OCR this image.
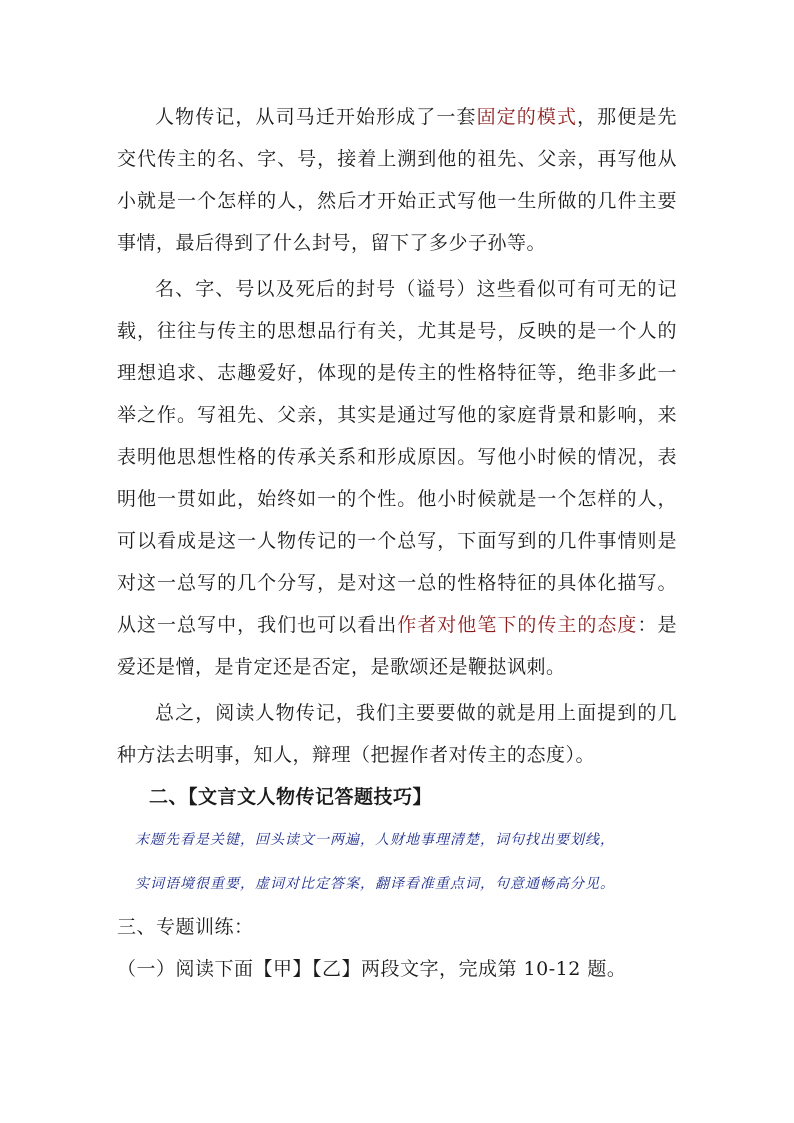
人物传记，从司马迁开始形成了一套固定的模式，那便是先交代传主的名、字、号，接着上溯到他的祖先、父亲，再写他从小就是一个怎样的人，然后才开始正式写他一生所做的几件主要事情，最后得到了什么封号，留下了多少子孙等。

名、字、号以及死后的封号（谥号）这些看似可有可无的记载，往往与传主的思想品行有关，尤其是号，反映的是一个人的理想追求、志趣爱好，体现的是传主的性格特征等，绝非多此一举之作。写祖先、父亲，其实是通过写他的家庭背景和影响，来表明他思想性格的传承关系和形成原因。写他小时候的情况，表明他一贯如此，始终如一的个性。他小时候就是一个怎样的人，可以看成是这一人物传记的一个总写，下面写到的几件事情则是对这一总写的几个分写，是对这一总的性格特征的具体化描写。从这一总写中，我们也可以看出作者对他笔下的传主的态度：是爱还是憎，是肯定还是否定，是歌颂还是鞭挞讽刺。

总之，阅读人物传记，我们主要要做的就是用上面提到的几种方法去明事，知人，辩理（把握作者对传主的态度）。

二、【文言文人物传记答题技巧】

末题先看是关键，回头读文一两遍，人财地事理清楚，词句找出要划线，

实词语境很重要，虚词对比定答案，翻译看准重点词，句意通畅高分见。

三、专题训练：

（一）阅读下面【甲】【乙】两段文字，完成第 10-12 题。
